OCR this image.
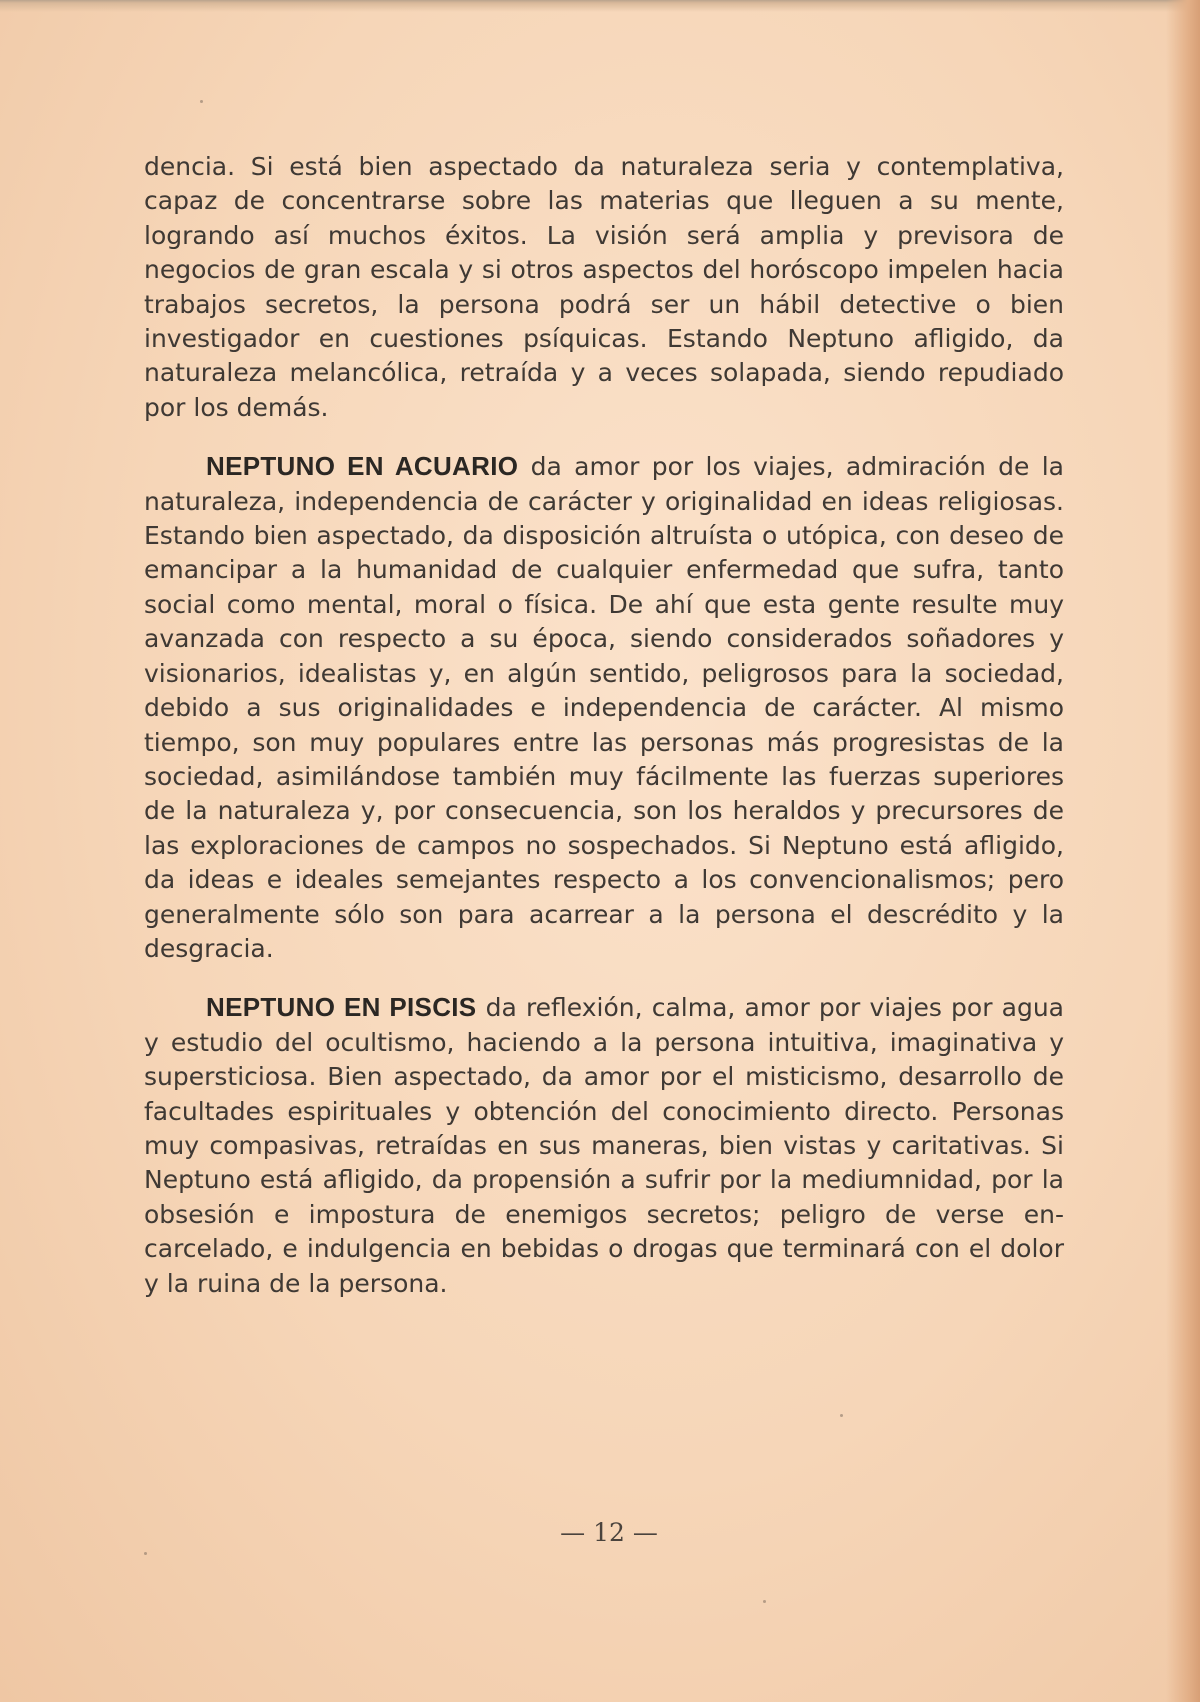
dencia. Si está bien aspectado da naturaleza seria y contemplativa, capaz de concentrarse sobre las materias que lleguen a su mente, logrando así muchos éxitos. La visión será amplia y previsora de negocios de gran escala y si otros aspectos del horóscopo impelen hacia trabajos secretos, la persona podrá ser un hábil detective o bien investigador en cuestiones psíquicas. Estando Neptuno afligido, da naturaleza melancólica, retraída y a veces solapada, siendo repudiado por los demás.

NEPTUNO EN ACUARIO da amor por los viajes, admiración de la naturaleza, independencia de carácter y originalidad en ideas religiosas. Estando bien aspectado, da disposición altruísta o utópica, con deseo de emancipar a la humanidad de cualquier enfermedad que sufra, tanto social como mental, moral o física. De ahí que esta gente resulte muy avanzada con respecto a su época, siendo considerados soñadores y visionarios, idealistas y, en algún sentido, peligrosos para la sociedad, debido a sus originalidades e independencia de carácter. Al mismo tiempo, son muy populares entre las personas más progresistas de la sociedad, asimilándose también muy fácilmente las fuerzas superiores de la naturaleza y, por consecuencia, son los heraldos y precursores de las exploraciones de campos no sospechados. Si Neptuno está afligido, da ideas e ideales semejantes respecto a los convencionalismos; pero generalmente sólo son para acarrear a la persona el descrédito y la desgracia.

NEPTUNO EN PISCIS da reflexión, calma, amor por viajes por agua y estudio del ocultismo, haciendo a la persona intuitiva, imaginativa y supersticiosa. Bien aspectado, da amor por el misticismo, desarrollo de facultades espirituales y obtención del conocimiento directo. Personas muy compasivas, retraídas en sus maneras, bien vistas y caritativas. Si Neptuno está afligido, da propensión a sufrir por la mediumnidad, por la obsesión e impostura de enemigos secretos; peligro de verse encarcelado, e indulgencia en bebidas o drogas que terminará con el dolor y la ruina de la persona.

— 12 —
